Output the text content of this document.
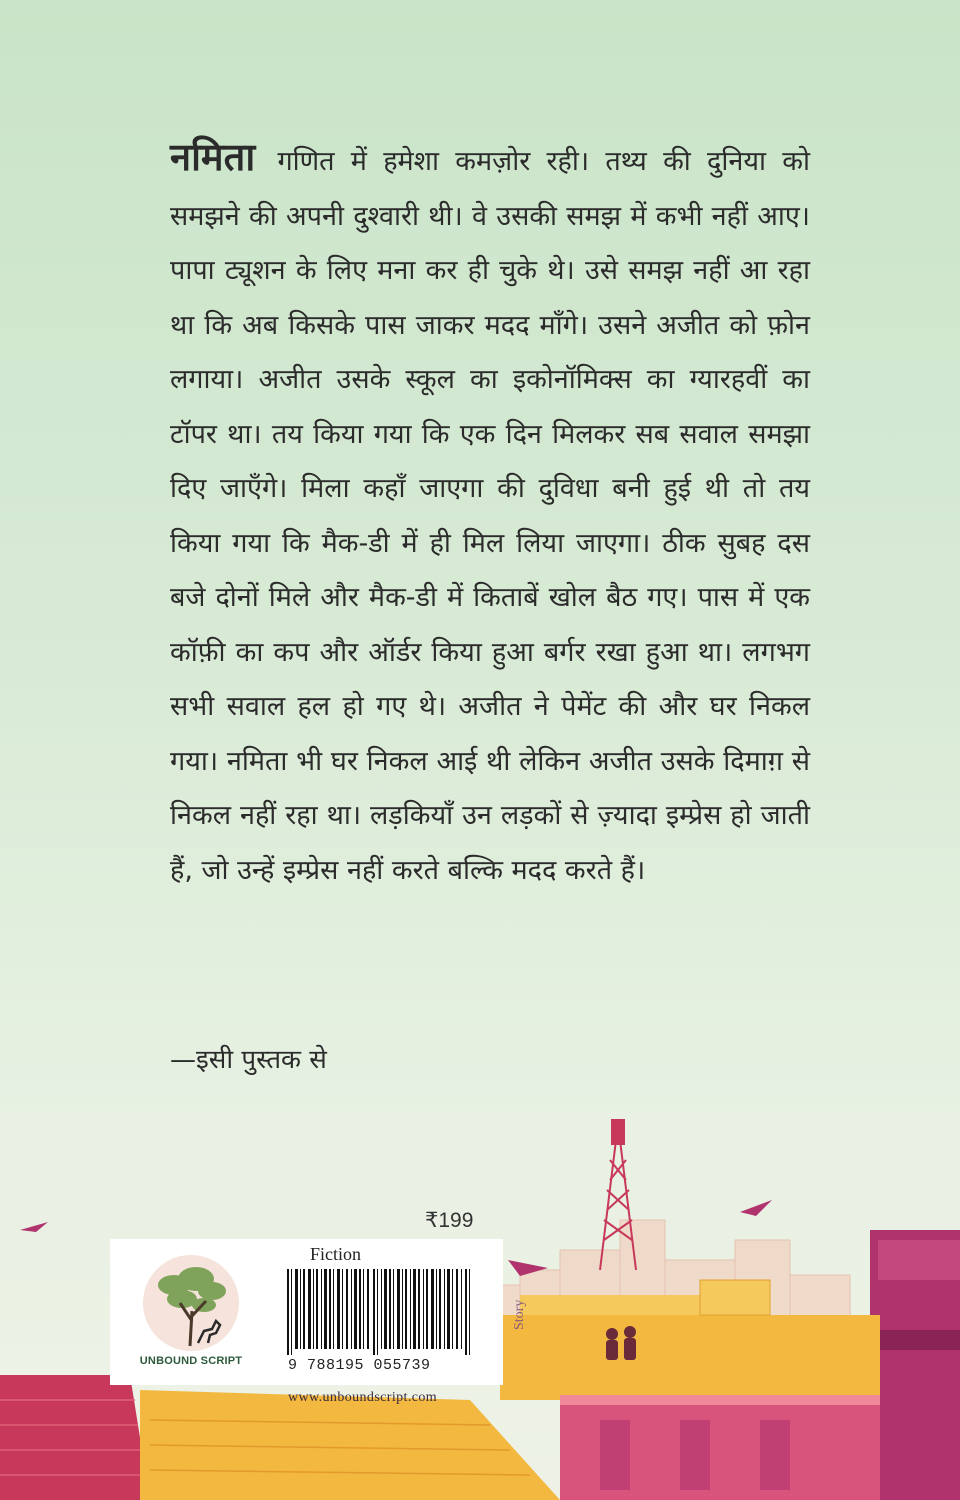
नमिता गणित में हमेशा कमज़ोर रही। तथ्य की दुनिया को समझने की अपनी दुश्वारी थी। वे उसकी समझ में कभी नहीं आए। पापा ट्यूशन के लिए मना कर ही चुके थे। उसे समझ नहीं आ रहा था कि अब किसके पास जाकर मदद माँगे। उसने अजीत को फ़ोन लगाया। अजीत उसके स्कूल का इकोनॉमिक्स का ग्यारहवीं का टॉपर था। तय किया गया कि एक दिन मिलकर सब सवाल समझा दिए जाएँगे। मिला कहाँ जाएगा की दुविधा बनी हुई थी तो तय किया गया कि मैक-डी में ही मिल लिया जाएगा। ठीक सुबह दस बजे दोनों मिले और मैक-डी में किताबें खोल बैठ गए। पास में एक कॉफ़ी का कप और ऑर्डर किया हुआ बर्गर रखा हुआ था। लगभग सभी सवाल हल हो गए थे। अजीत ने पेमेंट की और घर निकल गया। नमिता भी घर निकल आई थी लेकिन अजीत उसके दिमाग़ से निकल नहीं रहा था। लड़कियाँ उन लड़कों से ज़्यादा इम्प्रेस हो जाती हैं, जो उन्हें इम्प्रेस नहीं करते बल्कि मदद करते हैं।
—इसी पुस्तक से
₹199
UNBOUND SCRIPT
Fiction
9 788195 055739
Story
www.unboundscript.com
